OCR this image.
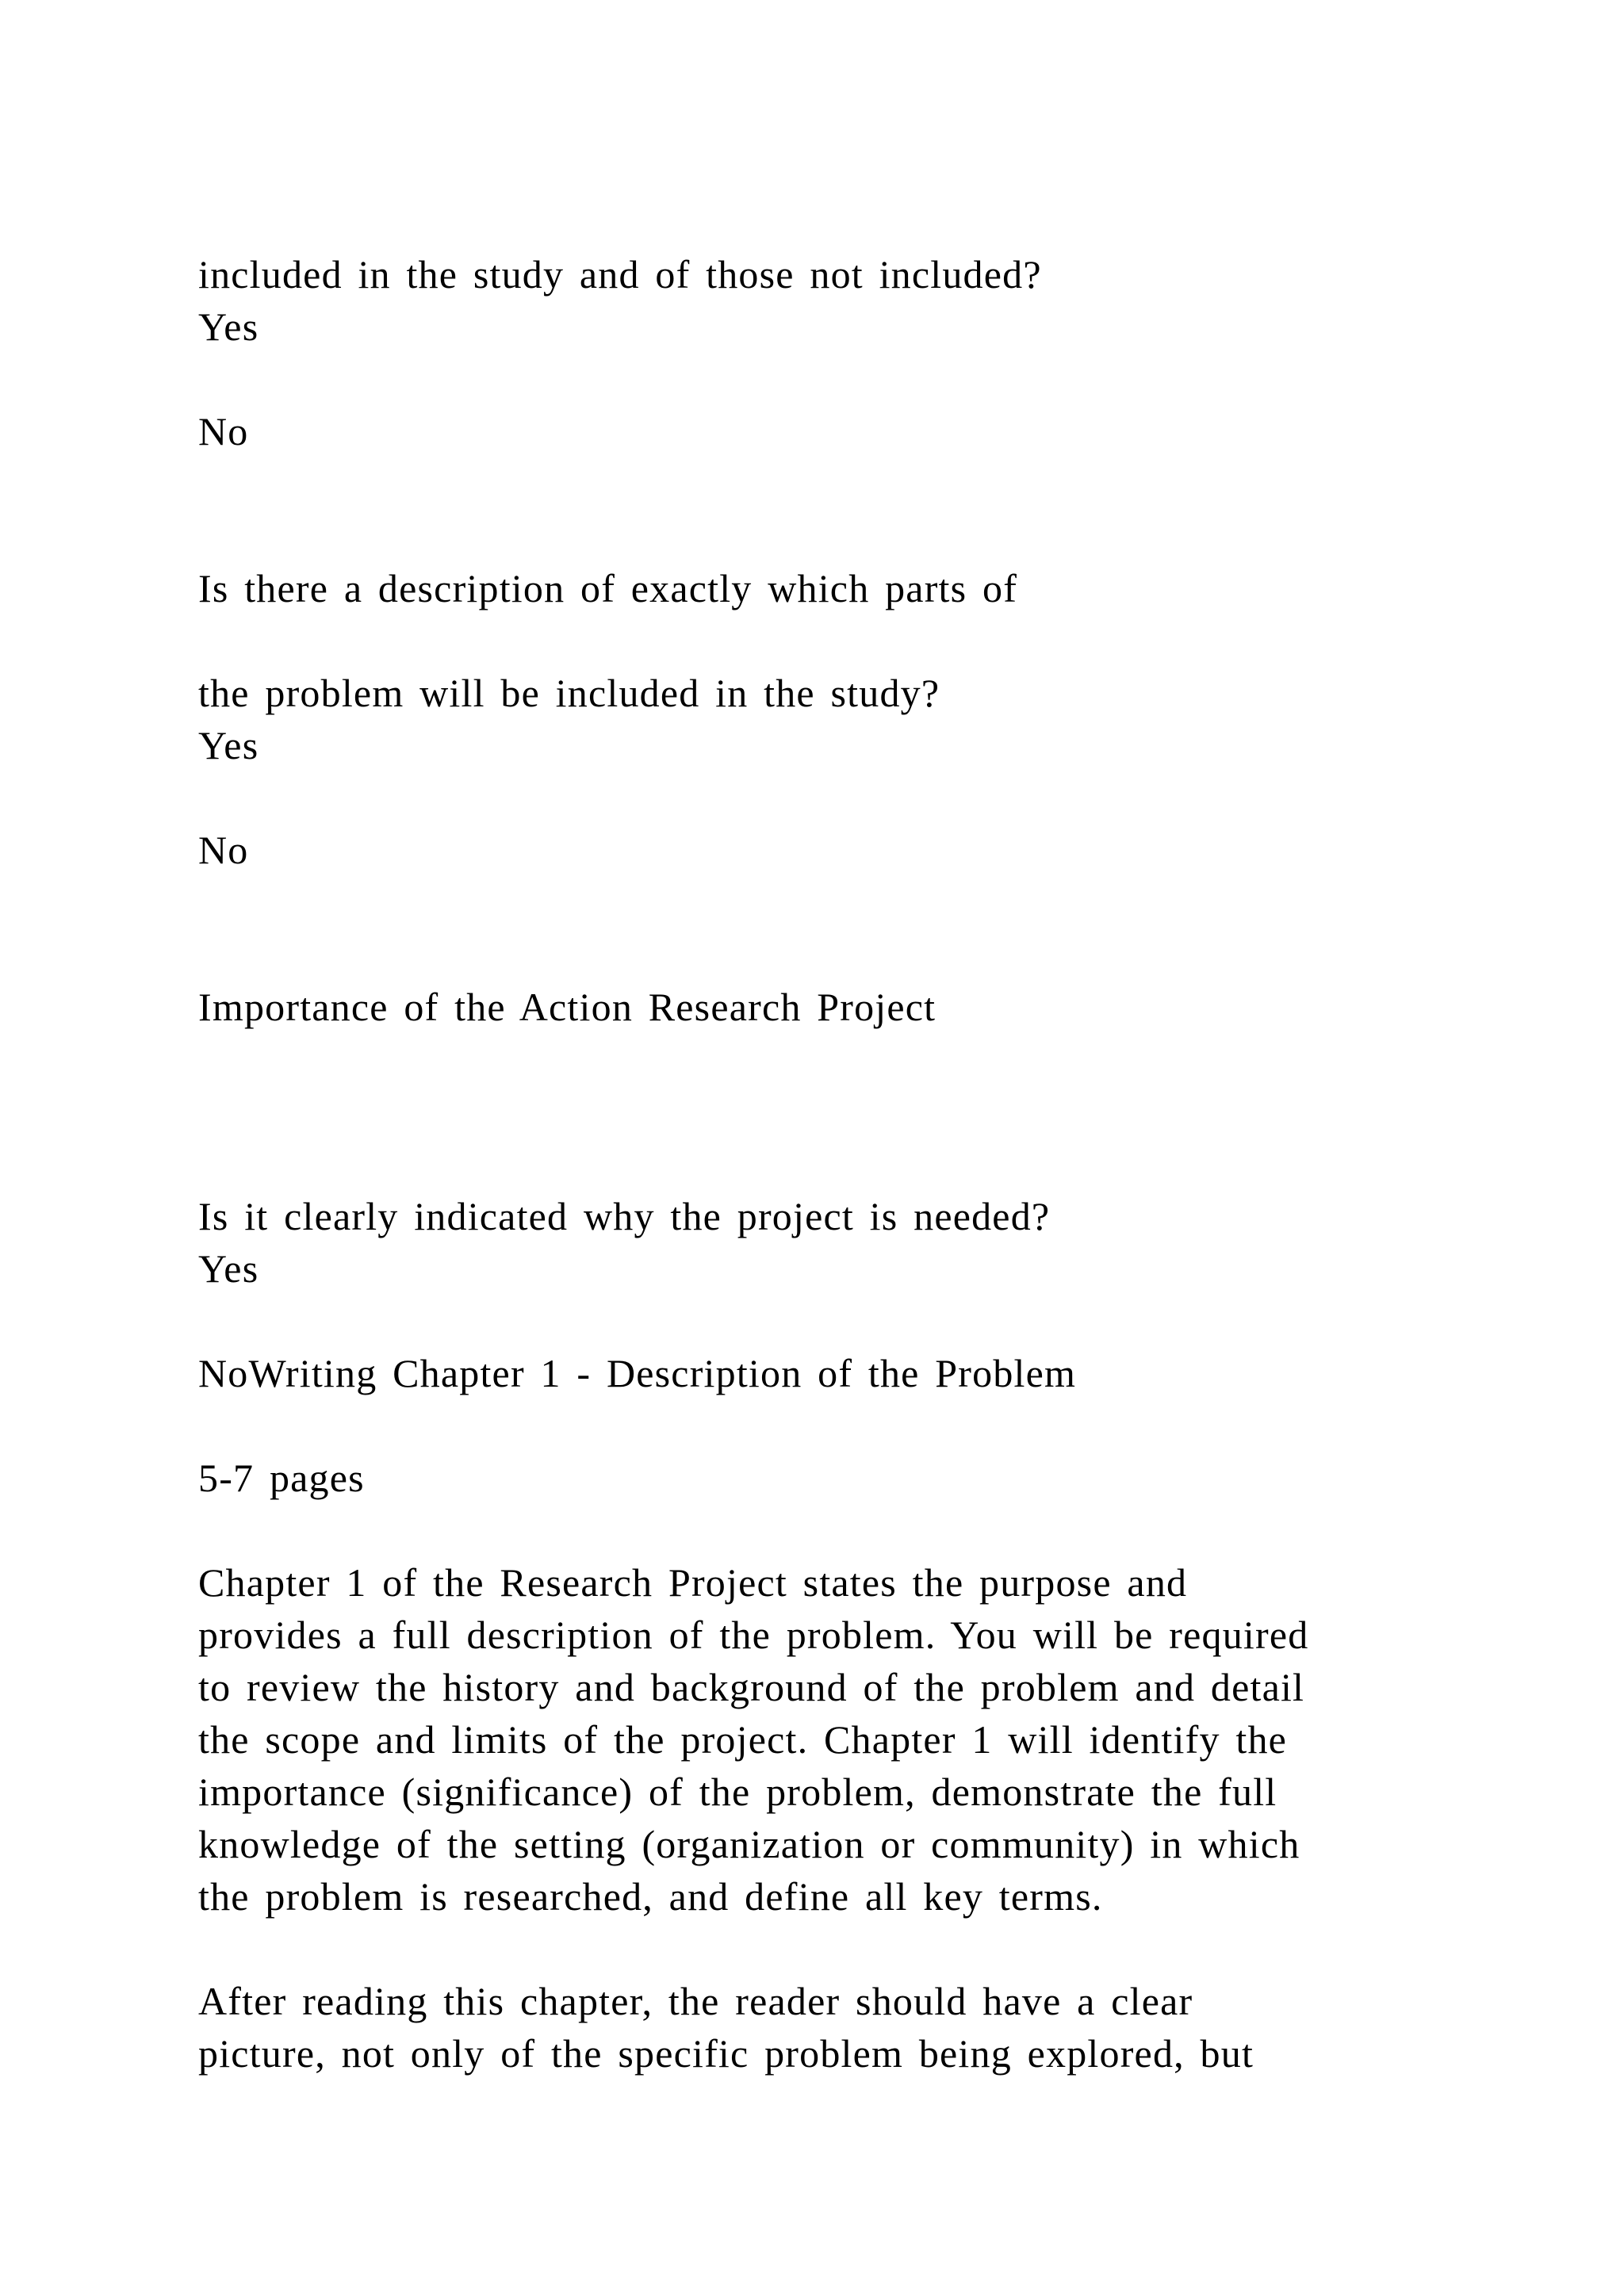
included in the study and of those not included?

Yes

No

Is there a description of exactly which parts of

the problem will be included in the study?

Yes

No

Importance of the Action Research Project

Is it clearly indicated why the project is needed?

Yes

NoWriting Chapter 1 - Description of the Problem

5-7 pages

Chapter 1 of the Research Project states the purpose and

provides a full description of the problem. You will be required

to review the history and background of the problem and detail

the scope and limits of the project. Chapter 1 will identify the

importance (significance) of the problem, demonstrate the full

knowledge of the setting (organization or community) in which

the problem is researched, and define all key terms.

After reading this chapter, the reader should have a clear

picture, not only of the specific problem being explored, but
